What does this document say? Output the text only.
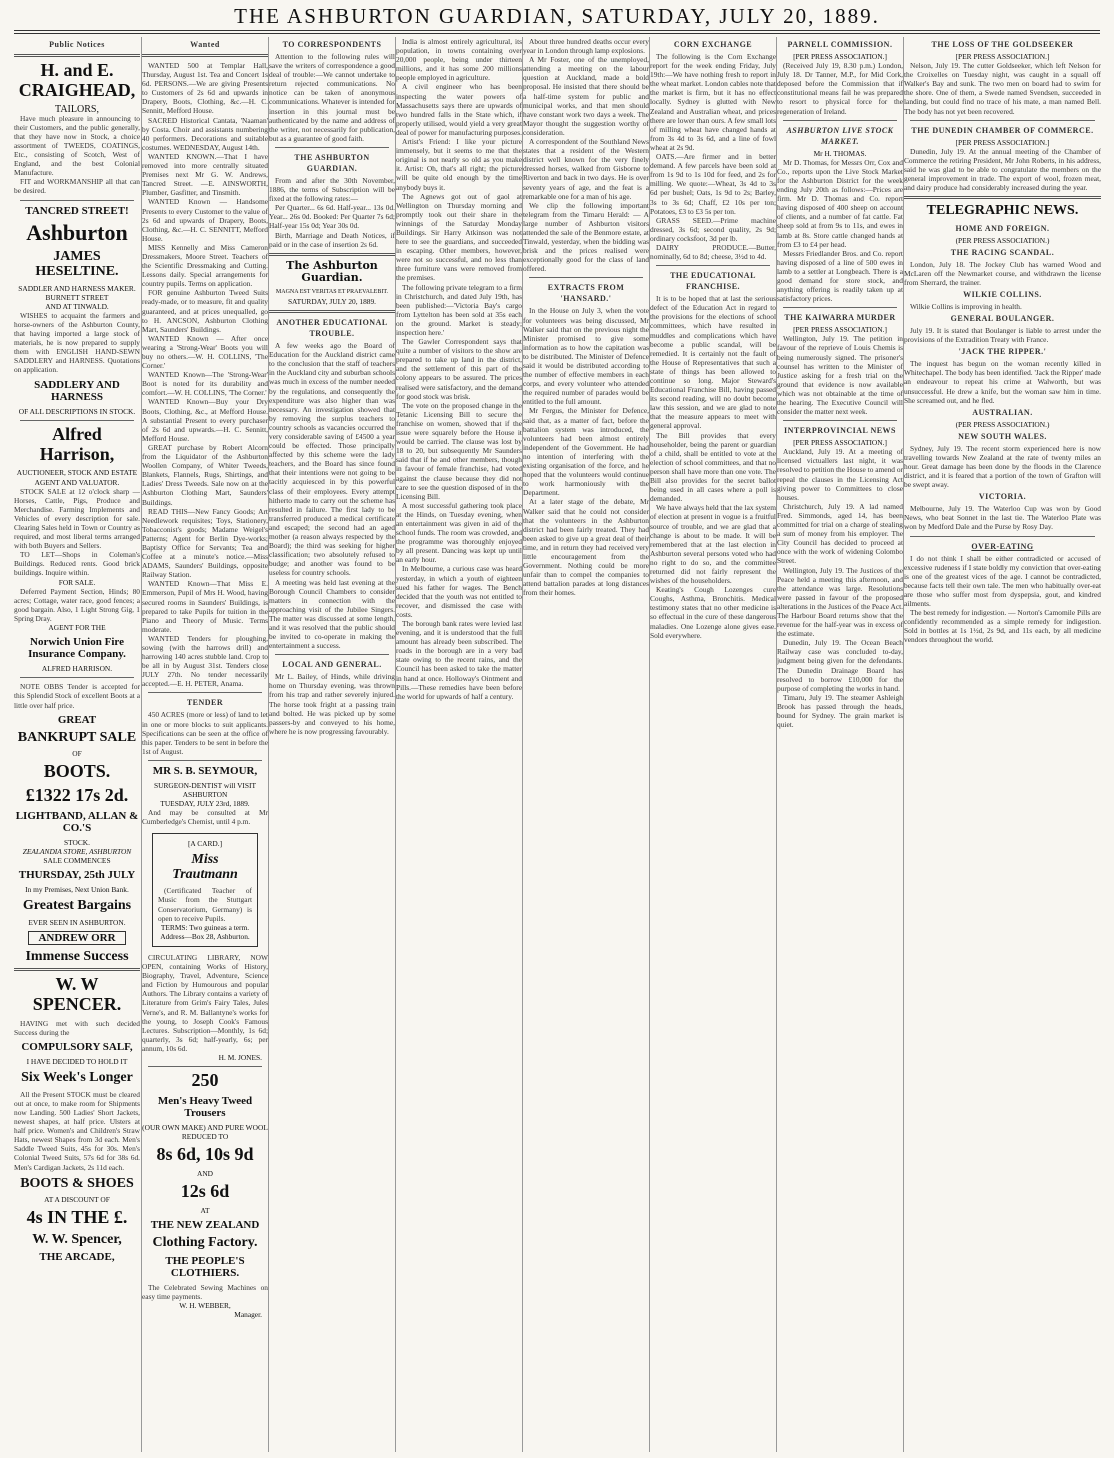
THE ASHBURTON GUARDIAN, SATURDAY, JULY 20, 1889.
Public Notices
H. and E. CRAIGHEAD,
TAILORS,

Have much pleasure in announcing to their Customers, and the public generally, that they have now in Stock, a choice assortment of TWEEDS, COATINGS, Etc., consisting of Scotch, West of England, and the best Colonial Manufacture.

FIT and WORKMANSHIP all that can be desired.

TANCRED STREET!
Ashburton
JAMES HESELTINE.
SADDLER AND HARNESS MAKER.
BURNETT STREET
AND AT TINWALD.

WISHES to acquaint the farmers and horse-owners of the Ashburton County, that having imported a large stock of materials, he is now prepared to supply them with ENGLISH HAND-SEWN SADDLERY and HARNESS. Quotations on application.

SADDLERY AND HARNESS
OF ALL DESCRIPTIONS IN STOCK.
Alfred Harrison,
AUCTIONEER, STOCK AND ESTATE AGENT AND VALUATOR.

STOCK SALE at 12 o'clock sharp — Horses, Cattle, Pigs, Produce and Merchandise. Farming Implements and Vehicles of every description for sale. Clearing Sales held in Town or Country as required, and most liberal terms arranged with both Buyers and Sellers.

TO LET—Shops in Coleman's Buildings. Reduced rents. Good brick buildings. Inquire within.

FOR SALE.

Deferred Payment Section, Hinds; 80 acres; Cottage, water race, good fences; a good bargain. Also, 1 Light Strong Gig, 1 Spring Dray.

AGENT FOR THE
Norwich Union Fire Insurance Company.
ALFRED HARRISON.

NOTE OBBS Tender is accepted for this Splendid Stock of excellent Boots at a little over half price.

GREAT
BANKRUPT SALE
OF
BOOTS.
£1322 17s 2d.
LIGHTBAND, ALLAN & CO.'S
STOCK.
ZEALANDIA STORE, ASHBURTON
SALE COMMENCES
THURSDAY, 25th JULY
In my Premises, Next Union Bank.
Greatest Bargains
EVER SEEN IN ASHBURTON.
ANDREW ORR
Immense Success
W. W SPENCER.

HAVING met with such decided Success during the

COMPULSORY SALF,
I HAVE DECIDED TO HOLD IT
Six Week's Longer

All the Present STOCK must be cleared out at once, to make room for Shipments now Landing. 500 Ladies' Short Jackets, newest shapes, at half price. Ulsters at half price. Women's and Children's Straw Hats, newest Shapes from 3d each. Men's Saddle Tweed Suits, 45s for 30s. Men's Colonial Tweed Suits, 57s 6d for 38s 6d. Men's Cardigan Jackets, 2s 11d each.

BOOTS & SHOES
AT A DISCOUNT OF
4s IN THE £.
W. W. Spencer,
THE ARCADE,
Wanted

WANTED 500 at Templar Hall, Thursday, August 1st. Tea and Concert 1s 6d. PERSONS.—We are giving Presents to Customers of 2s 6d and upwards in Drapery, Boots, Clothing, &c.—H. C. Sennitt, Mefford House.

SACRED Historical Cantata, 'Naaman' by Costa. Choir and assistants numbering 40 performers. Decorations and suitable costumes. WEDNESDAY, August 14th.

WANTED KNOWN.—That I have removed into more centrally situated Premises next Mr G. W. Andrews, Tancred Street. —E. AINSWORTH, Plumber, Gasfitter, and Tinsmith.

WANTED Known — Handsome Presents to every Customer to the value of 2s 6d and upwards of Drapery, Boots, Clothing, &c.—H. C. SENNITT, Mefford House.

MISS Kennelly and Miss Cameron Dressmakers, Moore Street. Teachers of the Scientific Dressmaking and Cutting. Lessons daily. Special arrangements for country pupils. Terms on application.

FOR genuine Ashburton Tweed Suits ready-made, or to measure, fit and quality guaranteed, and at prices unequalled, go to H. ANCSON, Ashburton Clothing Mart, Saunders' Buildings.

WANTED Known — After once wearing a 'Strong-Wear' Boots you will buy no others.—W. H. COLLINS, 'The Corner.'

WANTED Known—The 'Strong-Wear' Boot is noted for its durability and comfort.—W. H. COLLINS, 'The Corner.'

WANTED Known—Buy your Dry Boots, Clothing, &c., at Mefford House. A substantial Present to every purchaser of 2s 6d and upwards.—H. C. Sennitt, Mefford House.

GREAT purchase by Robert Alcorn from the Liquidator of the Ashburton Woollen Company, of Whiter Tweeds, Blankets, Flannels, Rugs, Shirtings, and Ladies' Dress Tweeds. Sale now on at the Ashburton Clothing Mart, Saunders' Buildings.

READ THIS—New Fancy Goods; Art Needlework requisites; Toys, Stationery, Tobacconist's goods; Madame Weigel's Patterns; Agent for Berlin Dye-works; Baptisty Office for Servants; Tea and Coffee at a minute's notice.—Miss ADAMS, Saunders' Buildings, opposite Railway Station.

WANTED Known—That Miss E. Emmerson, Pupil of Mrs H. Wood, having secured rooms in Saunders' Buildings, is prepared to take Pupils for tuition in the Piano and Theory of Music. Terms moderate.

WANTED Tenders for ploughing, sowing (with the harrows drill) and harrowing 140 acres stubble land. Crop to be all in by August 31st. Tenders close JULY 27th. No tender necessarily accepted.—E. H. PETER, Anama.

TENDER

450 ACRES (more or less) of land to let in one or more blocks to suit applicants. Specifications can be seen at the office of this paper. Tenders to be sent in before the 1st of August.

MR S. B. SEYMOUR,
SURGEON-DENTIST will VISIT
ASHBURTON
TUESDAY, JULY 23rd, 1889.

And may be consulted at Mr Cumberledge's Chemist, until 4 p.m.

[A CARD.]
Miss Trautmann

(Certificated Teacher of Music from the Stuttgart Conservatorium, Germany) is open to receive Pupils.

TERMS: Two guineas a term.
Address—Box 28, Ashburton.

CIRCULATING LIBRARY, NOW OPEN, containing Works of History, Biography, Travel, Adventure, Science and Fiction by Humourous and popular Authors. The Library contains a variety of Literature from Grim's Fairy Tales, Jules Verne's, and R. M. Ballantyne's works for the young, to Joseph Cook's Famous Lectures. Subscription—Monthly, 1s 6d; quarterly, 3s 6d; half-yearly, 6s; per annum, 10s 6d.

H. M. JONES.
250
Men's Heavy Tweed Trousers
(OUR OWN MAKE) AND PURE WOOL
REDUCED TO
8s 6d, 10s 9d
AND
12s 6d
AT
THE NEW ZEALAND
Clothing Factory.
THE PEOPLE'S CLOTHIERS.

The Celebrated Sewing Machines on easy time payments.

W. H. WEBBER,
Manager.
TO CORRESPONDENTS

Attention to the following rules will save the writers of correspondence a good deal of trouble:—We cannot undertake to return rejected communications. No notice can be taken of anonymous communications. Whatever is intended for insertion in this journal must be authenticated by the name and address of the writer, not necessarily for publication, but as a guarantee of good faith.

THE ASHBURTON GUARDIAN.

From and after the 30th November, 1886, the terms of Subscription will be fixed at the following rates:—

Per Quarter... 6s 6d. Half-year... 13s 0d. Year... 26s 0d. Booked: Per Quarter 7s 6d; Half-year 15s 0d; Year 30s 0d.

Birth, Marriage and Death Notices, if paid or in the case of insertion 2s 6d.

The Ashburton Guardian.
MAGNA EST VERITAS ET PRAEVALEBIT.
SATURDAY, JULY 20, 1889.
ANOTHER EDUCATIONAL TROUBLE.

A few weeks ago the Board of Education for the Auckland district came to the conclusion that the staff of teachers in the Auckland city and suburban schools was much in excess of the number needed by the regulations, and consequently the expenditure was also higher than was necessary. An investigation showed that by removing the surplus teachers to country schools as vacancies occurred the very considerable saving of £4500 a year could be effected. Those principally affected by this scheme were the lady teachers, and the Board has since found that their intentions were not going to be tacitly acquiesced in by this powerful class of their employees. Every attempt hitherto made to carry out the scheme has resulted in failure. The first lady to be transferred produced a medical certificate and escaped; the second had an aged mother (a reason always respected by the Board); the third was seeking for higher classification; two absolutely refused to budge; and another was found to be useless for country schools.

A meeting was held last evening at the Borough Council Chambers to consider matters in connection with the approaching visit of the Jubilee Singers. The matter was discussed at some length, and it was resolved that the public should be invited to co-operate in making the entertainment a success.

LOCAL AND GENERAL.

Mr L. Bailey, of Hinds, while driving home on Thursday evening, was thrown from his trap and rather severely injured. The horse took fright at a passing train and bolted. He was picked up by some passers-by and conveyed to his home, where he is now progressing favourably.

India is almost entirely agricultural, its population, in towns containing over 20,000 people, being under thirteen millions, and it has some 200 millions people employed in agriculture.

A civil engineer who has been inspecting the water powers of Massachusetts says there are upwards of two hundred falls in the State which, if properly utilised, would yield a very great deal of power for manufacturing purposes.

Artist's Friend: I like your picture immensely, but it seems to me that the original is not nearly so old as you make it. Artist: Oh, that's all right; the picture will be quite old enough by the time anybody buys it.

The Agnews got out of gaol at Wellington on Thursday morning and promptly took out their share in the winnings of the Saturday Monday Buildings. Sir Harry Atkinson was not here to see the guardians, and succeeded in escaping. Other members, however, were not so successful, and no less than three furniture vans were removed from the premises.

The following private telegram to a firm in Christchurch, and dated July 19th, has been published:—'Victoria Bay's cargo from Lyttelton has been sold at 35s each on the ground. Market is steady; inspection here.'

The Gawler Correspondent says that quite a number of visitors to the show are prepared to take up land in the district, and the settlement of this part of the colony appears to be assured. The prices realised were satisfactory, and the demand for good stock was brisk.

The vote on the proposed change in the Tetanic Licensing Bill to secure the franchise on women, showed that if the issue were squarely before the House it would be carried. The clause was lost by 18 to 20, but subsequently Mr Saunders said that if he and other members, though in favour of female franchise, had voted against the clause because they did not care to see the question disposed of in the Licensing Bill.

A most successful gathering took place at the Hinds, on Tuesday evening, when an entertainment was given in aid of the school funds. The room was crowded, and the programme was thoroughly enjoyed by all present. Dancing was kept up until an early hour.

In Melbourne, a curious case was heard yesterday, in which a youth of eighteen sued his father for wages. The Bench decided that the youth was not entitled to recover, and dismissed the case with costs.

The borough bank rates were levied last evening, and it is understood that the full amount has already been subscribed. The roads in the borough are in a very bad state owing to the recent rains, and the Council has been asked to take the matter in hand at once. Holloway's Ointment and Pills.—These remedies have been before the world for upwards of half a century.

About three hundred deaths occur every year in London through lamp explosions.

A Mr Foster, one of the unemployed, attending a meeting on the labour question at Auckland, made a bold proposal. He insisted that there should be a half-time system for public and municipal works, and that men should have constant work two days a week. The Mayor thought the suggestion worthy of consideration.

A correspondent of the Southland News states that a resident of the Western district well known for the very finely dressed horses, walked from Gisborne to Riverton and back in two days. He is over seventy years of age, and the feat is a remarkable one for a man of his age.

We clip the following important telegram from the Timaru Herald: — A large number of Ashburton visitors attended the sale of the Benmore estate, at Tinwald, yesterday, when the bidding was brisk and the prices realised were exceptionally good for the class of land offered.

EXTRACTS FROM 'HANSARD.'

In the House on July 3, when the vote for volunteers was being discussed, Mr Walker said that on the previous night the Minister promised to give some information as to how the capitation was to be distributed. The Minister of Defence said it would be distributed according to the number of effective members in each corps, and every volunteer who attended the required number of parades would be entitled to the full amount.

Mr Fergus, the Minister for Defence, said that, as a matter of fact, before the battalion system was introduced, the volunteers had been almost entirely independent of the Government. He had no intention of interfering with the existing organisation of the force, and he hoped that the volunteers would continue to work harmoniously with the Department.

At a later stage of the debate, Mr Walker said that he could not consider that the volunteers in the Ashburton district had been fairly treated. They had been asked to give up a great deal of their time, and in return they had received very little encouragement from the Government. Nothing could be more unfair than to compel the companies to attend battalion parades at long distances from their homes.

CORN EXCHANGE

The following is the Corn Exchange report for the week ending Friday, July 19th:—We have nothing fresh to report in the wheat market. London cables note that the market is firm, but it has no effect locally. Sydney is glutted with New Zealand and Australian wheat, and prices there are lower than ours. A few small lots of milling wheat have changed hands at from 3s 4d to 3s 6d, and a line of fowl wheat at 2s 9d.

OATS.—Are firmer and in better demand. A few parcels have been sold at from 1s 9d to 1s 10d for feed, and 2s for milling. We quote:—Wheat, 3s 4d to 3s 6d per bushel; Oats, 1s 9d to 2s; Barley, 3s to 3s 6d; Chaff, £2 10s per ton; Potatoes, £3 to £3 5s per ton.

GRASS SEED.—Prime machine dressed, 3s 6d; second quality, 2s 9d; ordinary cocksfoot, 3d per lb.

DAIRY PRODUCE.—Butter, nominally, 6d to 8d; cheese, 3½d to 4d.

THE EDUCATIONAL FRANCHISE.

It is to be hoped that at last the serious defect of the Education Act in regard to the provisions for the elections of school committees, which have resulted in muddles and complications which have become a public scandal, will be remedied. It is certainly not the fault of the House of Representatives that such a state of things has been allowed to continue so long. Major Steward's Educational Franchise Bill, having passed its second reading, will no doubt become law this session, and we are glad to note that the measure appears to meet with general approval.

The Bill provides that every householder, being the parent or guardian of a child, shall be entitled to vote at the election of school committees, and that no person shall have more than one vote. The Bill also provides for the secret ballot being used in all cases where a poll is demanded.

We have always held that the lax system of election at present in vogue is a fruitful source of trouble, and we are glad that a change is about to be made. It will be remembered that at the last election in Ashburton several persons voted who had no right to do so, and the committee returned did not fairly represent the wishes of the householders.

Keating's Cough Lozenges cure Coughs, Asthma, Bronchitis. Medical testimony states that no other medicine is so effectual in the cure of these dangerous maladies. One Lozenge alone gives ease. Sold everywhere.

PARNELL COMMISSION.
[PER PRESS ASSOCIATION.]

(Received July 19, 8.30 p.m.) London, July 18. Dr Tanner, M.P., for Mid Cork, deposed before the Commission that if constitutional means fail he was prepared to resort to physical force for the regeneration of Ireland.

ASHBURTON LIVE STOCK MARKET.
Mr H. THOMAS.

Mr D. Thomas, for Messrs Orr, Cox and Co., reports upon the Live Stock Market for the Ashburton District for the week ending July 20th as follows:—Prices are firm. Mr D. Thomas and Co. report having disposed of 400 sheep on account of clients, and a number of fat cattle. Fat sheep sold at from 9s to 11s, and ewes in lamb at 8s. Store cattle changed hands at from £3 to £4 per head.

Messrs Friedlander Bros. and Co. report having disposed of a line of 500 ewes in lamb to a settler at Longbeach. There is a good demand for store stock, and anything offering is readily taken up at satisfactory prices.

THE KAIWARRA MURDER
[PER PRESS ASSOCIATION.]

Wellington, July 19. The petition in favour of the reprieve of Louis Chemis is being numerously signed. The prisoner's counsel has written to the Minister of Justice asking for a fresh trial on the ground that evidence is now available which was not obtainable at the time of the hearing. The Executive Council will consider the matter next week.

INTERPROVINCIAL NEWS
[PER PRESS ASSOCIATION.]

Auckland, July 19. At a meeting of licensed victuallers last night, it was resolved to petition the House to amend or repeal the clauses in the Licensing Act giving power to Committees to close houses.

Christchurch, July 19. A lad named Fred. Simmonds, aged 14, has been committed for trial on a charge of stealing a sum of money from his employer. The City Council has decided to proceed at once with the work of widening Colombo Street.

Wellington, July 19. The Justices of the Peace held a meeting this afternoon, and the attendance was large. Resolutions were passed in favour of the proposed alterations in the Justices of the Peace Act. The Harbour Board returns show that the revenue for the half-year was in excess of the estimate.

Dunedin, July 19. The Ocean Beach Railway case was concluded to-day, judgment being given for the defendants. The Dunedin Drainage Board has resolved to borrow £10,000 for the purpose of completing the works in hand.

Timaru, July 19. The steamer Ashleigh Brook has passed through the heads, bound for Sydney. The grain market is quiet.

THE LOSS OF THE GOLDSEEKER
[PER PRESS ASSOCIATION.]

Nelson, July 19. The cutter Goldseeker, which left Nelson for the Croixelles on Tuesday night, was caught in a squall off Walker's Bay and sunk. The two men on board had to swim for the shore. One of them, a Swede named Svendsen, succeeded in landing, but could find no trace of his mate, a man named Bell. The body has not yet been recovered.

THE DUNEDIN CHAMBER OF COMMERCE.
[PER PRESS ASSOCIATION.]

Dunedin, July 19. At the annual meeting of the Chamber of Commerce the retiring President, Mr John Roberts, in his address, said he was glad to be able to congratulate the members on the general improvement in trade. The export of wool, frozen meat, and dairy produce had considerably increased during the year.

TELEGRAPHIC NEWS.
HOME AND FOREIGN.
(PER PRESS ASSOCIATION.)
THE RACING SCANDAL.

London, July 18. The Jockey Club has warned Wood and McLaren off the Newmarket course, and withdrawn the license from Sherrard, the trainer.

WILKIE COLLINS.

Wilkie Collins is improving in health.

GENERAL BOULANGER.

July 19. It is stated that Boulanger is liable to arrest under the provisions of the Extradition Treaty with France.

'JACK THE RIPPER.'

The inquest has begun on the woman recently killed in Whitechapel. The body has been identified. 'Jack the Ripper' made an endeavour to repeat his crime at Walworth, but was unsuccessful. He drew a knife, but the woman saw him in time. She screamed out, and he fled.

AUSTRALIAN.
(PER PRESS ASSOCIATION.)
NEW SOUTH WALES.

Sydney, July 19. The recent storm experienced here is now travelling towards New Zealand at the rate of twenty miles an hour. Great damage has been done by the floods in the Clarence district, and it is feared that a portion of the town of Grafton will be swept away.

VICTORIA.

Melbourne, July 19. The Waterloo Cup was won by Good News, who beat Sonnet in the last tie. The Waterloo Plate was won by Medford Dale and the Purse by Rosy Day.

OVER-EATING

I do not think I shall be either contradicted or accused of excessive rudeness if I state boldly my conviction that over-eating is one of the greatest vices of the age. I cannot be contradicted, because facts tell their own tale. The men who habitually over-eat are those who suffer most from dyspepsia, gout, and kindred ailments.

The best remedy for indigestion. — Norton's Camomile Pills are confidently recommended as a simple remedy for indigestion. Sold in bottles at 1s 1½d, 2s 9d, and 11s each, by all medicine vendors throughout the world.
